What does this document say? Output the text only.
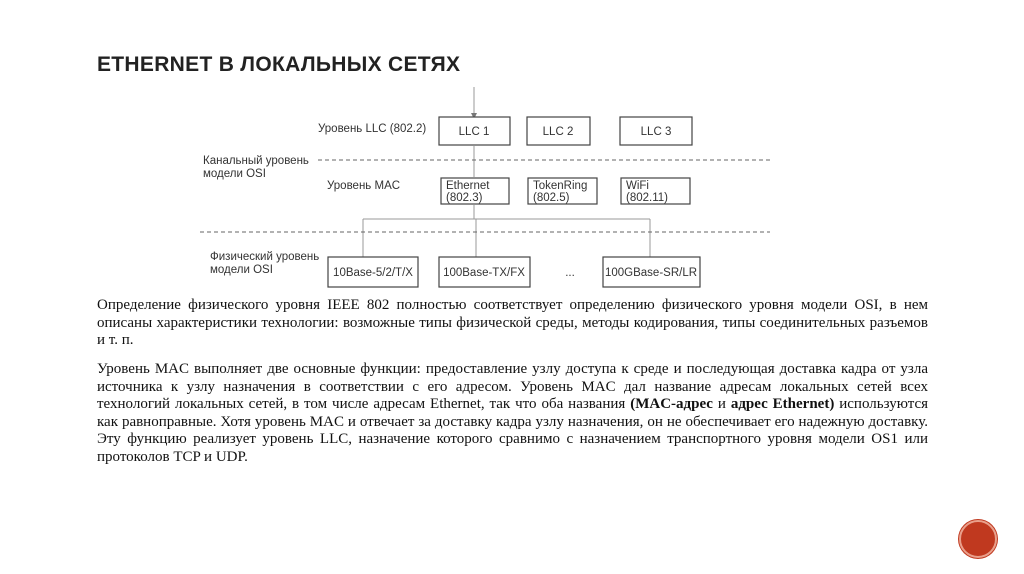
ETHERNET В ЛОКАЛЬНЫХ СЕТЯХ
Уровень LLC (802.2)
Канальный уровень
модели OSI
Уровень MAC
Физический уровень
модели OSI
LLC 1	LLC 2	LLC 3
Ethernet
(802.3)
TokenRing
(802.5)
WiFi
(802.11)
10Base-5/2/T/X	100Base-TX/FX	...	100GBase-SR/LR

Определение физического уровня IEEE 802 полностью соответствует определению физического уровня модели OSI, в нем описаны характеристики технологии: возможные типы физической среды, методы кодирования, типы соединительных разъемов и т. п.

Уровень MAC выполняет две основные функции: предоставление узлу доступа к среде и последующая доставка кадра от узла источника к узлу назначения в соответствии с его адресом. Уровень MAC дал название адресам локальных сетей всех технологий локальных сетей, в том числе адресам Ethernet, так что оба названия (MAC-адрес и адрес Ethernet) используются как равноправные. Хотя уровень MAC и отвечает за доставку кадра узлу назначения, он не обеспечивает его надежную доставку. Эту функцию реализует уровень LLC, назначение которого сравнимо с назначением транспортного уровня модели OS1 или протоколов TCP и UDP.
